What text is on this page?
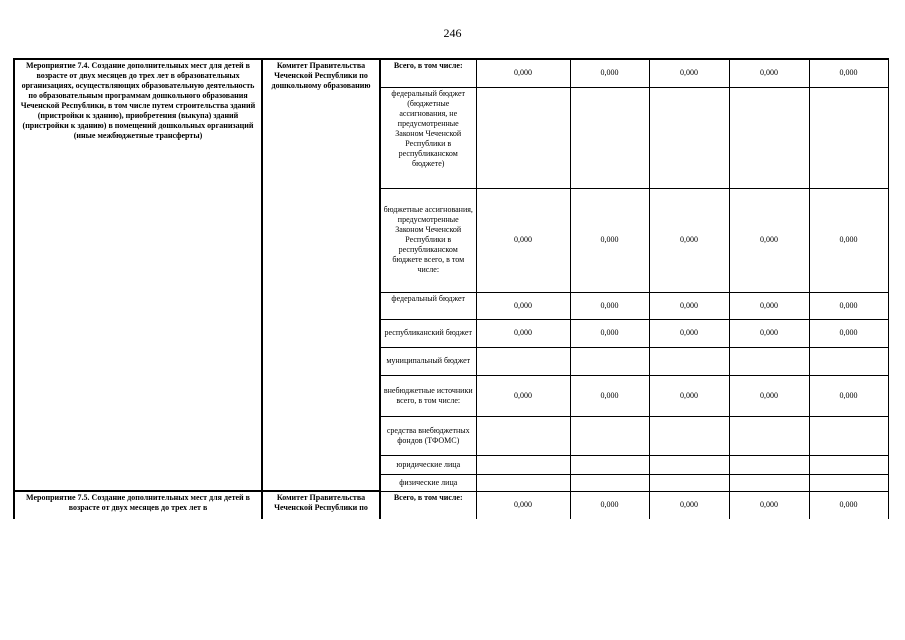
246
Мероприятие 7.4. Создание дополнительных мест для детей в возрасте от двух месяцев до трех лет в образовательных организациях, осуществляющих образовательную деятельность по образовательным программам дошкольного образования Чеченской Республики, в том числе путем строительства зданий (пристройки к зданию), приобретения (выкупа) зданий (пристройки к зданию) в помещений дошкольных организаций (иные межбюджетные трансферты)	Комитет Правительства Чеченской Республики по дошкольному образованию	Всего, в том числе:	0,000	0,000	0,000	0,000	0,000
		федеральный бюджет (бюджетные ассигнования, не предусмотренные Законом Чеченской Республики в республиканском бюджете)					
		бюджетные ассигнования, предусмотренные Законом Чеченской Республики в республиканском бюджете всего, в том числе:	0,000	0,000	0,000	0,000	0,000
		федеральный бюджет	0,000	0,000	0,000	0,000	0,000
		республиканский бюджет	0,000	0,000	0,000	0,000	0,000
		муниципальный бюджет					
		внебюджетные источники всего, в том числе:	0,000	0,000	0,000	0,000	0,000
		средства внебюджетных фондов (ТФОМС)					
		юридические лица					
		физические лица					
Мероприятие 7.5. Создание дополнительных мест для детей в возрасте от двух месяцев до трех лет в	Комитет Правительства Чеченской Республики по	Всего, в том числе:	0,000	0,000	0,000	0,000	0,000
